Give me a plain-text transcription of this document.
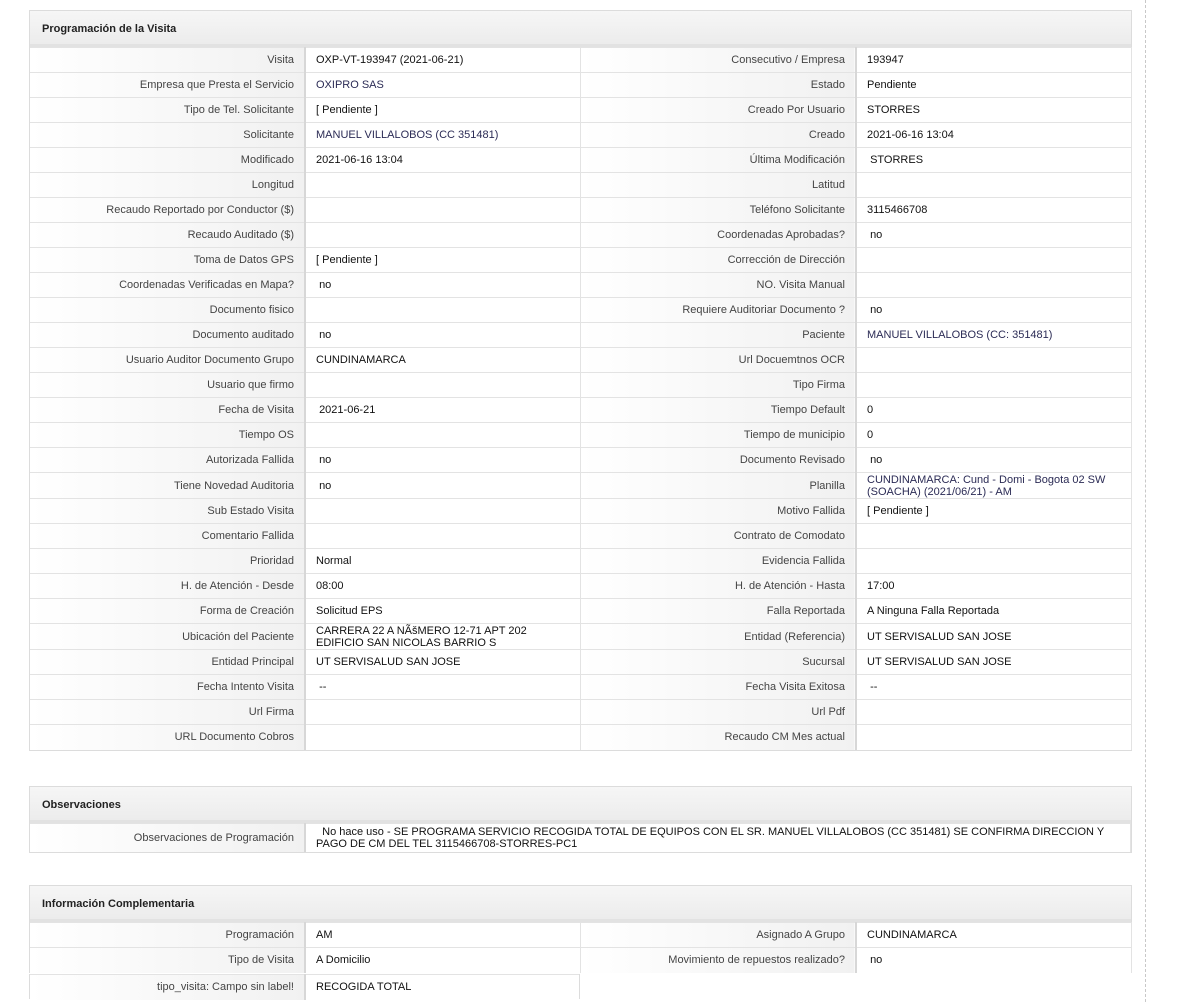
Programación de la Visita
Visita	OXP-VT-193947 (2021-06-21)	Consecutivo / Empresa	193947
Empresa que Presta el Servicio	OXIPRO SAS	Estado	Pendiente
Tipo de Tel. Solicitante	[ Pendiente ]	Creado Por Usuario	STORRES
Solicitante	MANUEL VILLALOBOS (CC 351481)	Creado	2021-06-16 13:04
Modificado	2021-06-16 13:04	Última Modificación	STORRES
Longitud		Latitud	
Recaudo Reportado por Conductor ($)		Teléfono Solicitante	3115466708
Recaudo Auditado ($)		Coordenadas Aprobadas?	no
Toma de Datos GPS	[ Pendiente ]	Corrección de Dirección	
Coordenadas Verificadas en Mapa?	no	NO. Visita Manual	
Documento fisico		Requiere Auditoriar Documento ?	no
Documento auditado	no	Paciente	MANUEL VILLALOBOS (CC: 351481)
Usuario Auditor Documento Grupo	CUNDINAMARCA	Url Docuemtnos OCR	
Usuario que firmo		Tipo Firma	
Fecha de Visita	2021-06-21	Tiempo Default	0
Tiempo OS		Tiempo de municipio	0
Autorizada Fallida	no	Documento Revisado	no
Tiene Novedad Auditoria	no	Planilla	CUNDINAMARCA: Cund - Domi - Bogota 02 SW (SOACHA) (2021/06/21) - AM
Sub Estado Visita		Motivo Fallida	[ Pendiente ]
Comentario Fallida		Contrato de Comodato	
Prioridad	Normal	Evidencia Fallida	
H. de Atención - Desde	08:00	H. de Atención - Hasta	17:00
Forma de Creación	Solicitud EPS	Falla Reportada	A Ninguna Falla Reportada
Ubicación del Paciente	CARRERA 22 A NÃšMERO 12-71 APT 202 EDIFICIO SAN NICOLAS BARRIO S	Entidad (Referencia)	UT SERVISALUD SAN JOSE
Entidad Principal	UT SERVISALUD SAN JOSE	Sucursal	UT SERVISALUD SAN JOSE
Fecha Intento Visita	--	Fecha Visita Exitosa	--
Url Firma		Url Pdf	
URL Documento Cobros		Recaudo CM Mes actual	
Observaciones
Observaciones de Programación	No hace uso - SE PROGRAMA SERVICIO RECOGIDA TOTAL DE EQUIPOS CON EL SR. MANUEL VILLALOBOS (CC 351481) SE CONFIRMA DIRECCION Y PAGO DE CM DEL TEL 3115466708-STORRES-PC1
Información Complementaria
Programación	AM	Asignado A Grupo	CUNDINAMARCA
Tipo de Visita	A Domicilio	Movimiento de repuestos realizado?	no
tipo_visita: Campo sin label!	RECOGIDA TOTAL
